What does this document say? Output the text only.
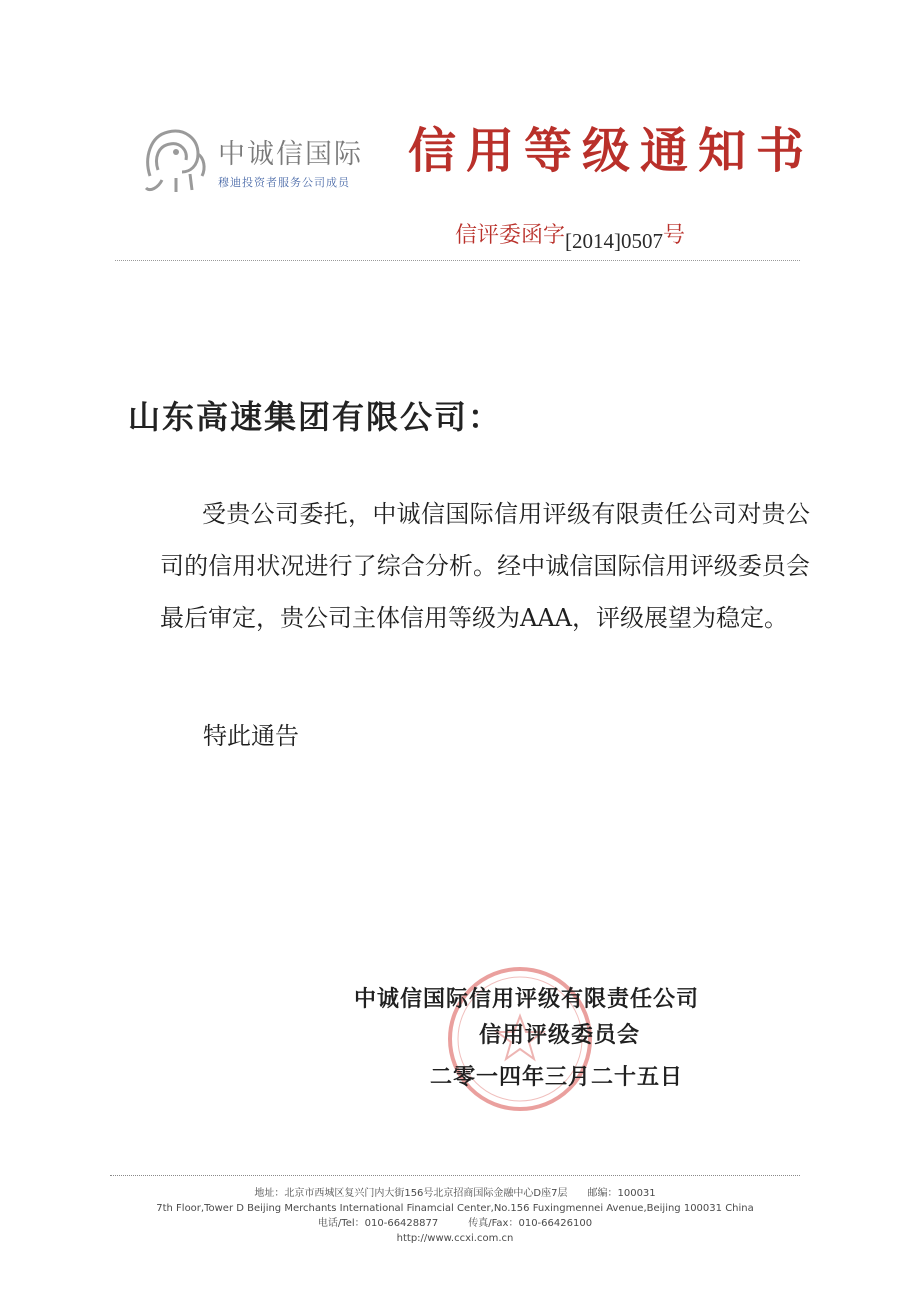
中诚信国际
穆迪投资者服务公司成员
信用等级通知书
信评委函字[2014]0507号
山东高速集团有限公司：
受贵公司委托，中诚信国际信用评级有限责任公司对贵公司的信用状况进行了综合分析。经中诚信国际信用评级委员会最后审定，贵公司主体信用等级为AAA，评级展望为稳定。
特此通告
中诚信国际信用评级有限责任公司
信用评级委员会
二零一四年三月二十五日
地址：北京市西城区复兴门内大街156号北京招商国际金融中心D座7层　　邮编：100031
7th Floor,Tower D Beijing Merchants International Finamcial Center,No.156 Fuxingmennei Avenue,Beijing 100031 China
电话/Tel：010-66428877　　　传真/Fax：010-66426100
http://www.ccxi.com.cn
